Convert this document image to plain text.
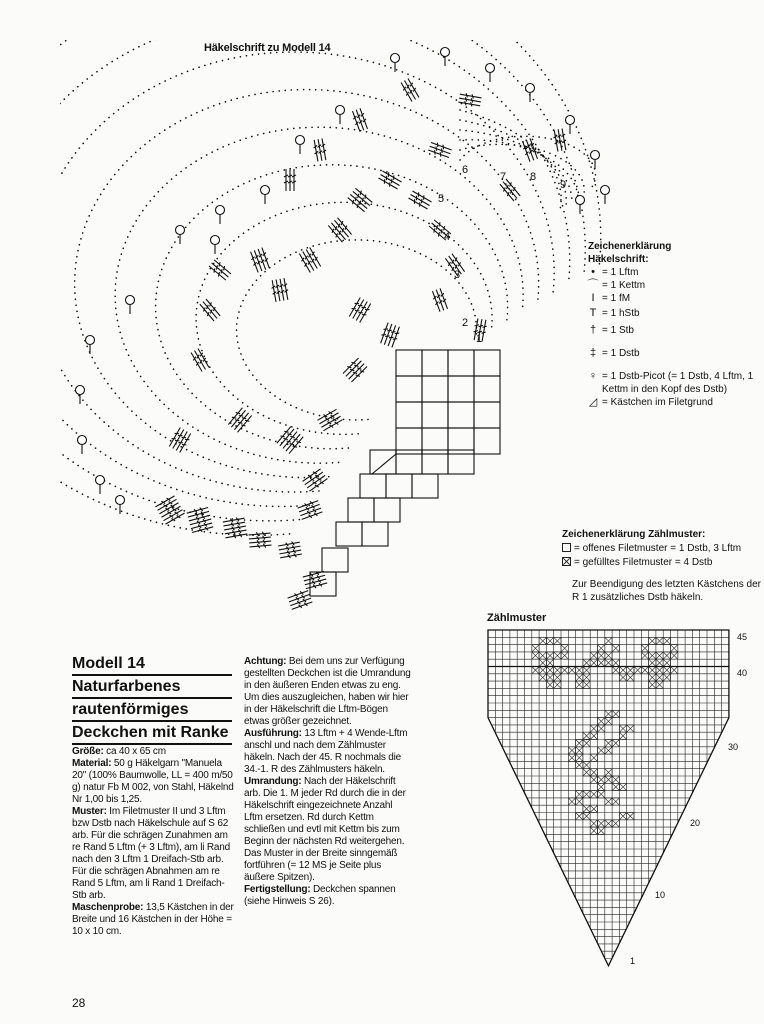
Häkelschrift zu Modell 14
1
2
3
4
5
6
7 8
9
Zeichenerklärung
Häkelschrift:
• = 1 Lftm
⌒ = 1 Kettm
I = 1 fM
T = 1 hStb
† = 1 Stb
‡ = 1 Dstb
♀ = 1 Dstb-Picot (= 1 Dstb, 4 Lftm, 1 Kettm in den Kopf des Dstb)
◿ = Kästchen im Filetgrund
Zeichenerklärung Zählmuster:
= offenes Filetmuster = 1 Dstb, 3 Lftm
= gefülltes Filetmuster = 4 Dstb
Zur Beendigung des letzten Kästchens der R 1 zusätzliches Dstb häkeln.
Zählmuster
45
40
30
20
10
1
Modell 14
Naturfarbenes
rautenförmiges
Deckchen mit Ranke
Größe: ca 40 x 65 cm
Material: 50 g Häkelgarn "Manuela 20" (100% Baumwolle, LL = 400 m/50 g) natur Fb M 002, von Stahl, Häkelnd Nr 1,00 bis 1,25.
Muster: Im Filetmuster II und 3 Lftm bzw Dstb nach Häkelschule auf S 62 arb. Für die schrägen Zunahmen am re Rand 5 Lftm (+ 3 Lftm), am li Rand nach den 3 Lftm 1 Dreifach-Stb arb. Für die schrägen Abnahmen am re Rand 5 Lftm, am li Rand 1 Dreifach-Stb arb.
Maschenprobe: 13,5 Kästchen in der Breite und 16 Kästchen in der Höhe = 10 x 10 cm.
Achtung: Bei dem uns zur Verfügung gestellten Deckchen ist die Umrandung in den äußeren Enden etwas zu eng. Um dies auszugleichen, haben wir hier in der Häkelschrift die Lftm-Bögen etwas größer gezeichnet.
Ausführung: 13 Lftm + 4 Wende-Lftm anschl und nach dem Zählmuster häkeln. Nach der 45. R nochmals die 34.-1. R des Zählmusters häkeln.
Umrandung: Nach der Häkelschrift arb. Die 1. M jeder Rd durch die in der Häkelschrift eingezeichnete Anzahl Lftm ersetzen. Rd durch Kettm schließen und evtl mit Kettm bis zum Beginn der nächsten Rd weitergehen. Das Muster in der Breite sinngemäß fortführen (= 12 MS je Seite plus äußere Spitzen).
Fertigstellung: Deckchen spannen (siehe Hinweis S 26).
28
